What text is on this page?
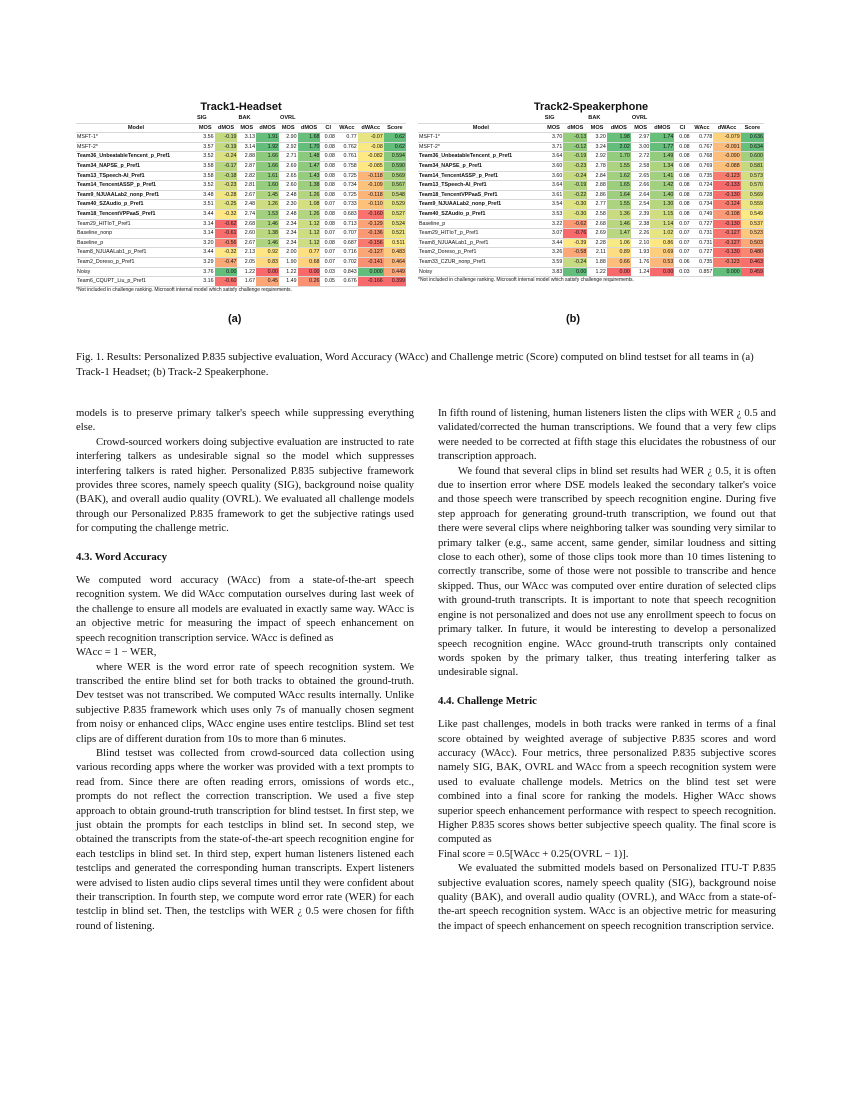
Track1-Headset
	SIG		BAK		OVRL					
Model	MOS	dMOS	MOS	dMOS	MOS	dMOS	CI	WAcc	dWAcc	Score
MSFT-1*	3.56	-0.19	3.13	1.91	2.90	1.68	0.08	0.77	-0.07	0.62
MSFT-2*	3.57	-0.19	3.14	1.92	2.92	1.70	0.08	0.762	-0.08	0.62
Team36_UnbeatableTencent_p_Pref1	3.52	-0.24	2.88	1.66	2.71	1.48	0.08	0.761	-0.082	0.594
Team34_NAPSE_p_Pref1	3.58	-0.17	2.87	1.66	2.69	1.47	0.08	0.758	-0.085	0.590
Team13_TSpeech-AI_Pref1	3.58	-0.18	2.82	1.61	2.65	1.43	0.08	0.725	-0.118	0.569
Team14_TencentASSP_p_Pref1	3.52	-0.23	2.81	1.60	2.60	1.38	0.08	0.734	-0.109	0.567
Team9_NJUAALab2_nonp_Pref1	3.48	-0.28	2.67	1.45	2.48	1.26	0.08	0.725	-0.118	0.548
Team40_SZAudio_p_Pref1	3.51	-0.25	2.48	1.26	2.30	1.08	0.07	0.733	-0.110	0.529
Team18_TencentVPPaaS_Pref1	3.44	-0.32	2.74	1.53	2.48	1.26	0.08	0.683	-0.160	0.527
Team29_HITIoT_Pref1	3.14	-0.62	2.68	1.46	2.34	1.12	0.08	0.713	-0.129	0.524
Baseline_nonp	3.14	-0.61	2.60	1.38	2.34	1.12	0.07	0.707	-0.136	0.521
Baseline_p	3.20	-0.56	2.67	1.46	2.34	1.12	0.08	0.687	-0.156	0.511
Team8_NJUAALab1_p_Pref1	3.44	-0.32	2.13	0.92	2.00	0.77	0.07	0.716	-0.127	0.483
Team2_Doreso_p_Pref1	3.29	-0.47	2.05	0.83	1.90	0.68	0.07	0.702	-0.141	0.464
Noisy	3.76	0.00	1.22	0.00	1.22	0.00	0.03	0.843	0.000	0.449
Team6_CQUPT_Liu_p_Pref1	3.16	-0.60	1.67	0.45	1.49	0.26	0.05	0.676	-0.166	0.399
*Not included in challenge ranking. Microsoft internal model which satisfy challenge requirements.
Track2-Speakerphone
	SIG		BAK		OVRL					
Model	MOS	dMOS	MOS	dMOS	MOS	dMOS	CI	WAcc	dWAcc	Score
MSFT-1*	3.70	-0.13	3.20	1.98	2.97	1.74	0.08	0.778	-0.079	0.636
MSFT-2*	3.71	-0.12	3.24	2.02	3.00	1.77	0.08	0.767	-0.091	0.634
Team36_UnbeatableTencent_p_Pref1	3.64	-0.19	2.92	1.70	2.72	1.49	0.08	0.768	-0.090	0.600
Team34_NAPSE_p_Pref1	3.60	-0.23	2.78	1.55	2.58	1.34	0.08	0.769	-0.088	0.581
Team14_TencentASSP_p_Pref1	3.60	-0.24	2.84	1.62	2.65	1.41	0.08	0.735	-0.123	0.573
Team13_TSpeech-AI_Pref1	3.64	-0.19	2.88	1.65	2.66	1.42	0.08	0.724	-0.133	0.570
Team18_TencentVPPaaS_Pref1	3.61	-0.22	2.86	1.64	2.64	1.40	0.08	0.728	-0.130	0.569
Team9_NJUAALab2_nonp_Pref1	3.54	-0.30	2.77	1.55	2.54	1.30	0.08	0.734	-0.124	0.559
Team40_SZAudio_p_Pref1	3.53	-0.30	2.58	1.36	2.39	1.15	0.08	0.749	-0.108	0.549
Baseline_p	3.22	-0.62	2.68	1.46	2.38	1.14	0.07	0.727	-0.130	0.537
Team29_HITIoT_p_Pref1	3.07	-0.76	2.69	1.47	2.26	1.02	0.07	0.731	-0.127	0.523
Team8_NJUAALab1_p_Pref1	3.44	-0.39	2.28	1.06	2.10	0.86	0.07	0.731	-0.127	0.503
Team2_Doreso_p_Pref1	3.26	-0.58	2.11	0.89	1.93	0.69	0.07	0.727	-0.130	0.480
Team33_CZUR_nonp_Pref1	3.59	-0.24	1.88	0.66	1.76	0.53	0.06	0.735	-0.123	0.463
Noisy	3.83	0.00	1.22	0.00	1.24	0.00	0.03	0.857	0.000	0.459
*Not included in challenge ranking. Microsoft internal model which satisfy challenge requirements.
(a)	(b)
Fig. 1. Results: Personalized P.835 subjective evaluation, Word Accuracy (WAcc) and Challenge metric (Score) computed on blind testset for all teams in (a) Track-1 Headset; (b) Track-2 Speakerphone.

models is to preserve primary talker's speech while suppressing everything else.

Crowd-sourced workers doing subjective evaluation are instructed to rate interfering talkers as undesirable signal so the model which suppresses interfering talkers is rated higher. Personalized P.835 subjective framework provides three scores, namely speech quality (SIG), background noise quality (BAK), and overall audio quality (OVRL). We evaluated all challenge models through our Personalized P.835 framework to get the subjective ratings used for computing the challenge metric.

4.3. Word Accuracy

We computed word accuracy (WAcc) from a state-of-the-art speech recognition system. We did WAcc computation ourselves during last week of the challenge to ensure all models are evaluated in exactly same way. WAcc is an objective metric for measuring the impact of speech enhancement on speech recognition transcription service. WAcc is defined as

WAcc = 1 − WER,

where WER is the word error rate of speech recognition system. We transcribed the entire blind set for both tracks to obtained the ground-truth. Dev testset was not transcribed. We computed WAcc results internally. Unlike subjective P.835 framework which uses only 7s of manually chosen segment from noisy or enhanced clips, WAcc engine uses entire testclips. Blind set test clips are of different duration from 10s to more than 6 minutes.

Blind testset was collected from crowd-sourced data collection using various recording apps where the worker was provided with a text prompts to read from. Since there are often reading errors, omissions of words etc., prompts do not reflect the correction transcription. We used a five step approach to obtain ground-truth transcription for blind testset. In first step, we just obtain the prompts for each testclips in blind set. In second step, we obtained the transcripts from the state-of-the-art speech recognition engine for each testclips in blind set. In third step, expert human listeners listened each testclips and generated the corresponding human transcripts. Expert listeners were advised to listen audio clips several times until they were confident about their transcription. In fourth step, we compute word error rate (WER) for each testclip in blind set. Then, the testclips with WER ¿ 0.5 were chosen for fifth round of listening.

In fifth round of listening, human listeners listen the clips with WER ¿ 0.5 and validated/corrected the human transcriptions. We found that a very few clips were needed to be corrected at fifth stage this elucidates the robustness of our transcription approach.

We found that several clips in blind set results had WER ¿ 0.5, it is often due to insertion error where DSE models leaked the secondary talker's voice and those speech were transcribed by speech recognition engine. During five step approach for generating ground-truth transcription, we found out that there were several clips where neighboring talker was sounding very similar to primary talker (e.g., same accent, same gender, similar loudness and sitting close to each other), some of those clips took more than 10 times listening to correctly transcribe, some of those were not possible to transcribe and hence skipped. Thus, our WAcc was computed over entire duration of selected clips with ground-truth transcripts. It is important to note that speech recognition engine is not personalized and does not use any enrollment speech to focus on primary talker. In future, it would be interesting to develop a personalized speech recognition engine. WAcc ground-truth transcripts only contained words spoken by the primary talker, thus treating interfering talker as undesirable signal.

4.4. Challenge Metric

Like past challenges, models in both tracks were ranked in terms of a final score obtained by weighted average of subjective P.835 scores and word accuracy (WAcc). Four metrics, three personalized P.835 subjective scores namely SIG, BAK, OVRL and WAcc from a speech recognition system were used to evaluate challenge models. Metrics on the blind test set were combined into a final score for ranking the models. Higher WAcc shows superior speech enhancement performance with respect to speech recognition. Higher P.835 scores shows better subjective speech quality. The final score is computed as

Final score = 0.5[WAcc + 0.25(OVRL − 1)].

We evaluated the submitted models based on Personalized ITU-T P.835 subjective evaluation scores, namely speech quality (SIG), background noise quality (BAK), and overall audio quality (OVRL), and WAcc from a state-of-the-art speech recognition system. WAcc is an objective metric for measuring the impact of speech enhancement on speech recognition transcription service.
